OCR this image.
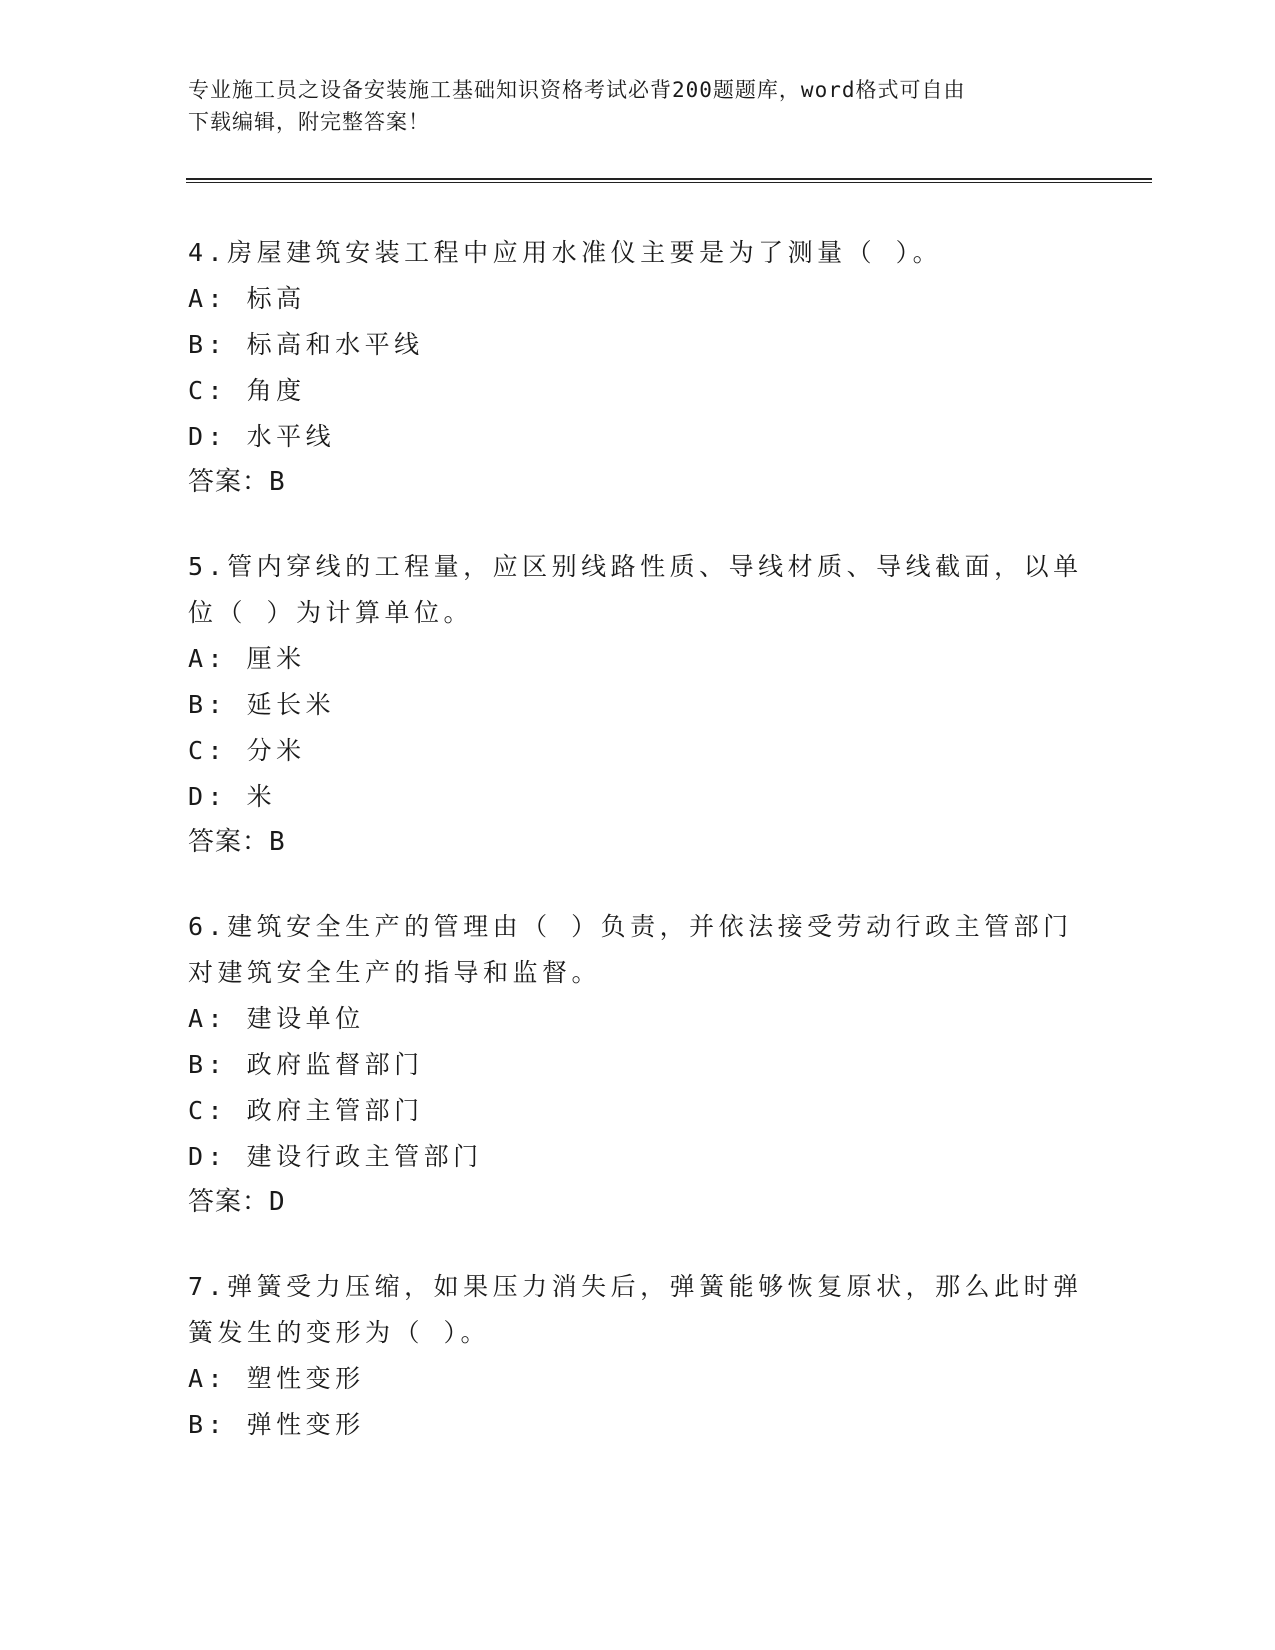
专业施工员之设备安装施工基础知识资格考试必背200题题库，word格式可自由
下载编辑，附完整答案！
4.房屋建筑安装工程中应用水准仪主要是为了测量（ ）。
A: 标高
B: 标高和水平线
C: 角度
D: 水平线
答案：B
5.管内穿线的工程量，应区别线路性质、导线材质、导线截面，以单位（ ）为计算单位。
A: 厘米
B: 延长米
C: 分米
D: 米
答案：B
6.建筑安全生产的管理由（ ）负责，并依法接受劳动行政主管部门对建筑安全生产的指导和监督。
A: 建设单位
B: 政府监督部门
C: 政府主管部门
D: 建设行政主管部门
答案：D
7.弹簧受力压缩，如果压力消失后，弹簧能够恢复原状，那么此时弹簧发生的变形为（ ）。
A: 塑性变形
B: 弹性变形
